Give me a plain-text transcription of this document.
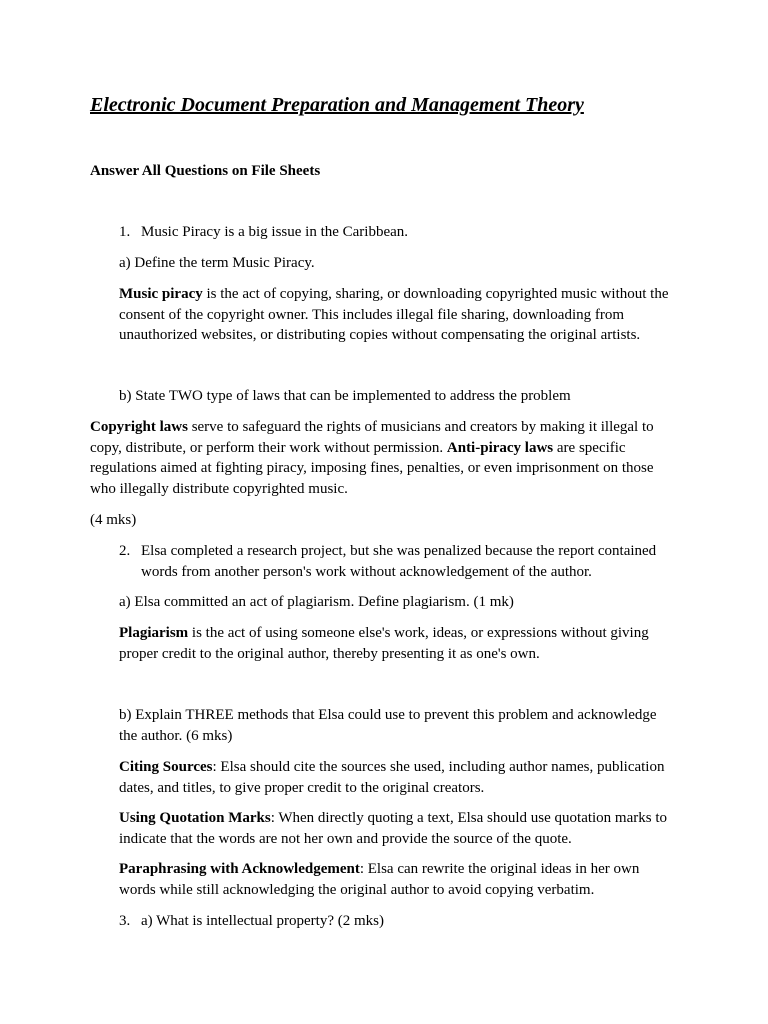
Electronic Document Preparation and Management Theory
Answer All Questions on File Sheets
1. Music Piracy is a big issue in the Caribbean.

a) Define the term Music Piracy.

Music piracy is the act of copying, sharing, or downloading copyrighted music without the consent of the copyright owner. This includes illegal file sharing, downloading from unauthorized websites, or distributing copies without compensating the original artists.

b) State TWO type of laws that can be implemented to address the problem

Copyright laws serve to safeguard the rights of musicians and creators by making it illegal to copy, distribute, or perform their work without permission. Anti-piracy laws are specific regulations aimed at fighting piracy, imposing fines, penalties, or even imprisonment on those who illegally distribute copyrighted music.

(4 mks)

2. Elsa completed a research project, but she was penalized because the report contained words from another person's work without acknowledgement of the author.

a) Elsa committed an act of plagiarism. Define plagiarism. (1 mk)

Plagiarism is the act of using someone else's work, ideas, or expressions without giving proper credit to the original author, thereby presenting it as one's own.

b) Explain THREE methods that Elsa could use to prevent this problem and acknowledge the author. (6 mks)

Citing Sources: Elsa should cite the sources she used, including author names, publication dates, and titles, to give proper credit to the original creators.

Using Quotation Marks: When directly quoting a text, Elsa should use quotation marks to indicate that the words are not her own and provide the source of the quote.

Paraphrasing with Acknowledgement: Elsa can rewrite the original ideas in her own words while still acknowledging the original author to avoid copying verbatim.

3. a) What is intellectual property? (2 mks)
